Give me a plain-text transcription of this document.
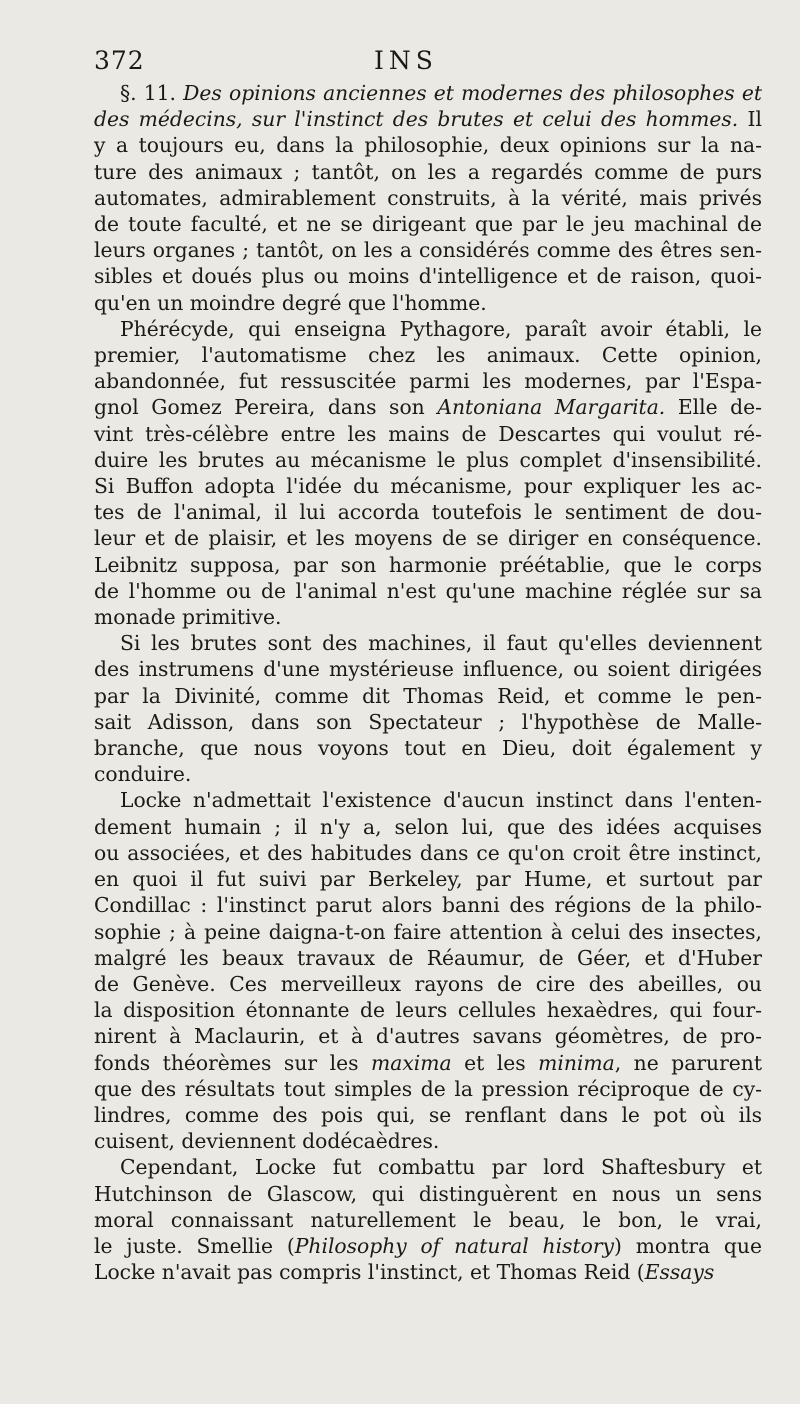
372	INS
§. 11. Des opinions anciennes et modernes des philosophes et
des médecins, sur l'instinct des brutes et celui des hommes. Il
y a toujours eu, dans la philosophie, deux opinions sur la na-
ture des animaux ; tantôt, on les a regardés comme de purs
automates, admirablement construits, à la vérité, mais privés
de toute faculté, et ne se dirigeant que par le jeu machinal de
leurs organes ; tantôt, on les a considérés comme des êtres sen-
sibles et doués plus ou moins d'intelligence et de raison, quoi-
qu'en un moindre degré que l'homme.
Phérécyde, qui enseigna Pythagore, paraît avoir établi, le
premier, l'automatisme chez les animaux. Cette opinion,
abandonnée, fut ressuscitée parmi les modernes, par l'Espa-
gnol Gomez Pereira, dans son Antoniana Margarita. Elle de-
vint très-célèbre entre les mains de Descartes qui voulut ré-
duire les brutes au mécanisme le plus complet d'insensibilité.
Si Buffon adopta l'idée du mécanisme, pour expliquer les ac-
tes de l'animal, il lui accorda toutefois le sentiment de dou-
leur et de plaisir, et les moyens de se diriger en conséquence.
Leibnitz supposa, par son harmonie préétablie, que le corps
de l'homme ou de l'animal n'est qu'une machine réglée sur sa
monade primitive.
Si les brutes sont des machines, il faut qu'elles deviennent
des instrumens d'une mystérieuse influence, ou soient dirigées
par la Divinité, comme dit Thomas Reid, et comme le pen-
sait Adisson, dans son Spectateur ; l'hypothèse de Malle-
branche, que nous voyons tout en Dieu, doit également y
conduire.
Locke n'admettait l'existence d'aucun instinct dans l'enten-
dement humain ; il n'y a, selon lui, que des idées acquises
ou associées, et des habitudes dans ce qu'on croit être instinct,
en quoi il fut suivi par Berkeley, par Hume, et surtout par
Condillac : l'instinct parut alors banni des régions de la philo-
sophie ; à peine daigna-t-on faire attention à celui des insectes,
malgré les beaux travaux de Réaumur, de Géer, et d'Huber
de Genève. Ces merveilleux rayons de cire des abeilles, ou
la disposition étonnante de leurs cellules hexaèdres, qui four-
nirent à Maclaurin, et à d'autres savans géomètres, de pro-
fonds théorèmes sur les maxima et les minima, ne parurent
que des résultats tout simples de la pression réciproque de cy-
lindres, comme des pois qui, se renflant dans le pot où ils
cuisent, deviennent dodécaèdres.
Cependant, Locke fut combattu par lord Shaftesbury et
Hutchinson de Glascow, qui distinguèrent en nous un sens
moral connaissant naturellement le beau, le bon, le vrai,
le juste. Smellie (Philosophy of natural history) montra que
Locke n'avait pas compris l'instinct, et Thomas Reid (Essays
